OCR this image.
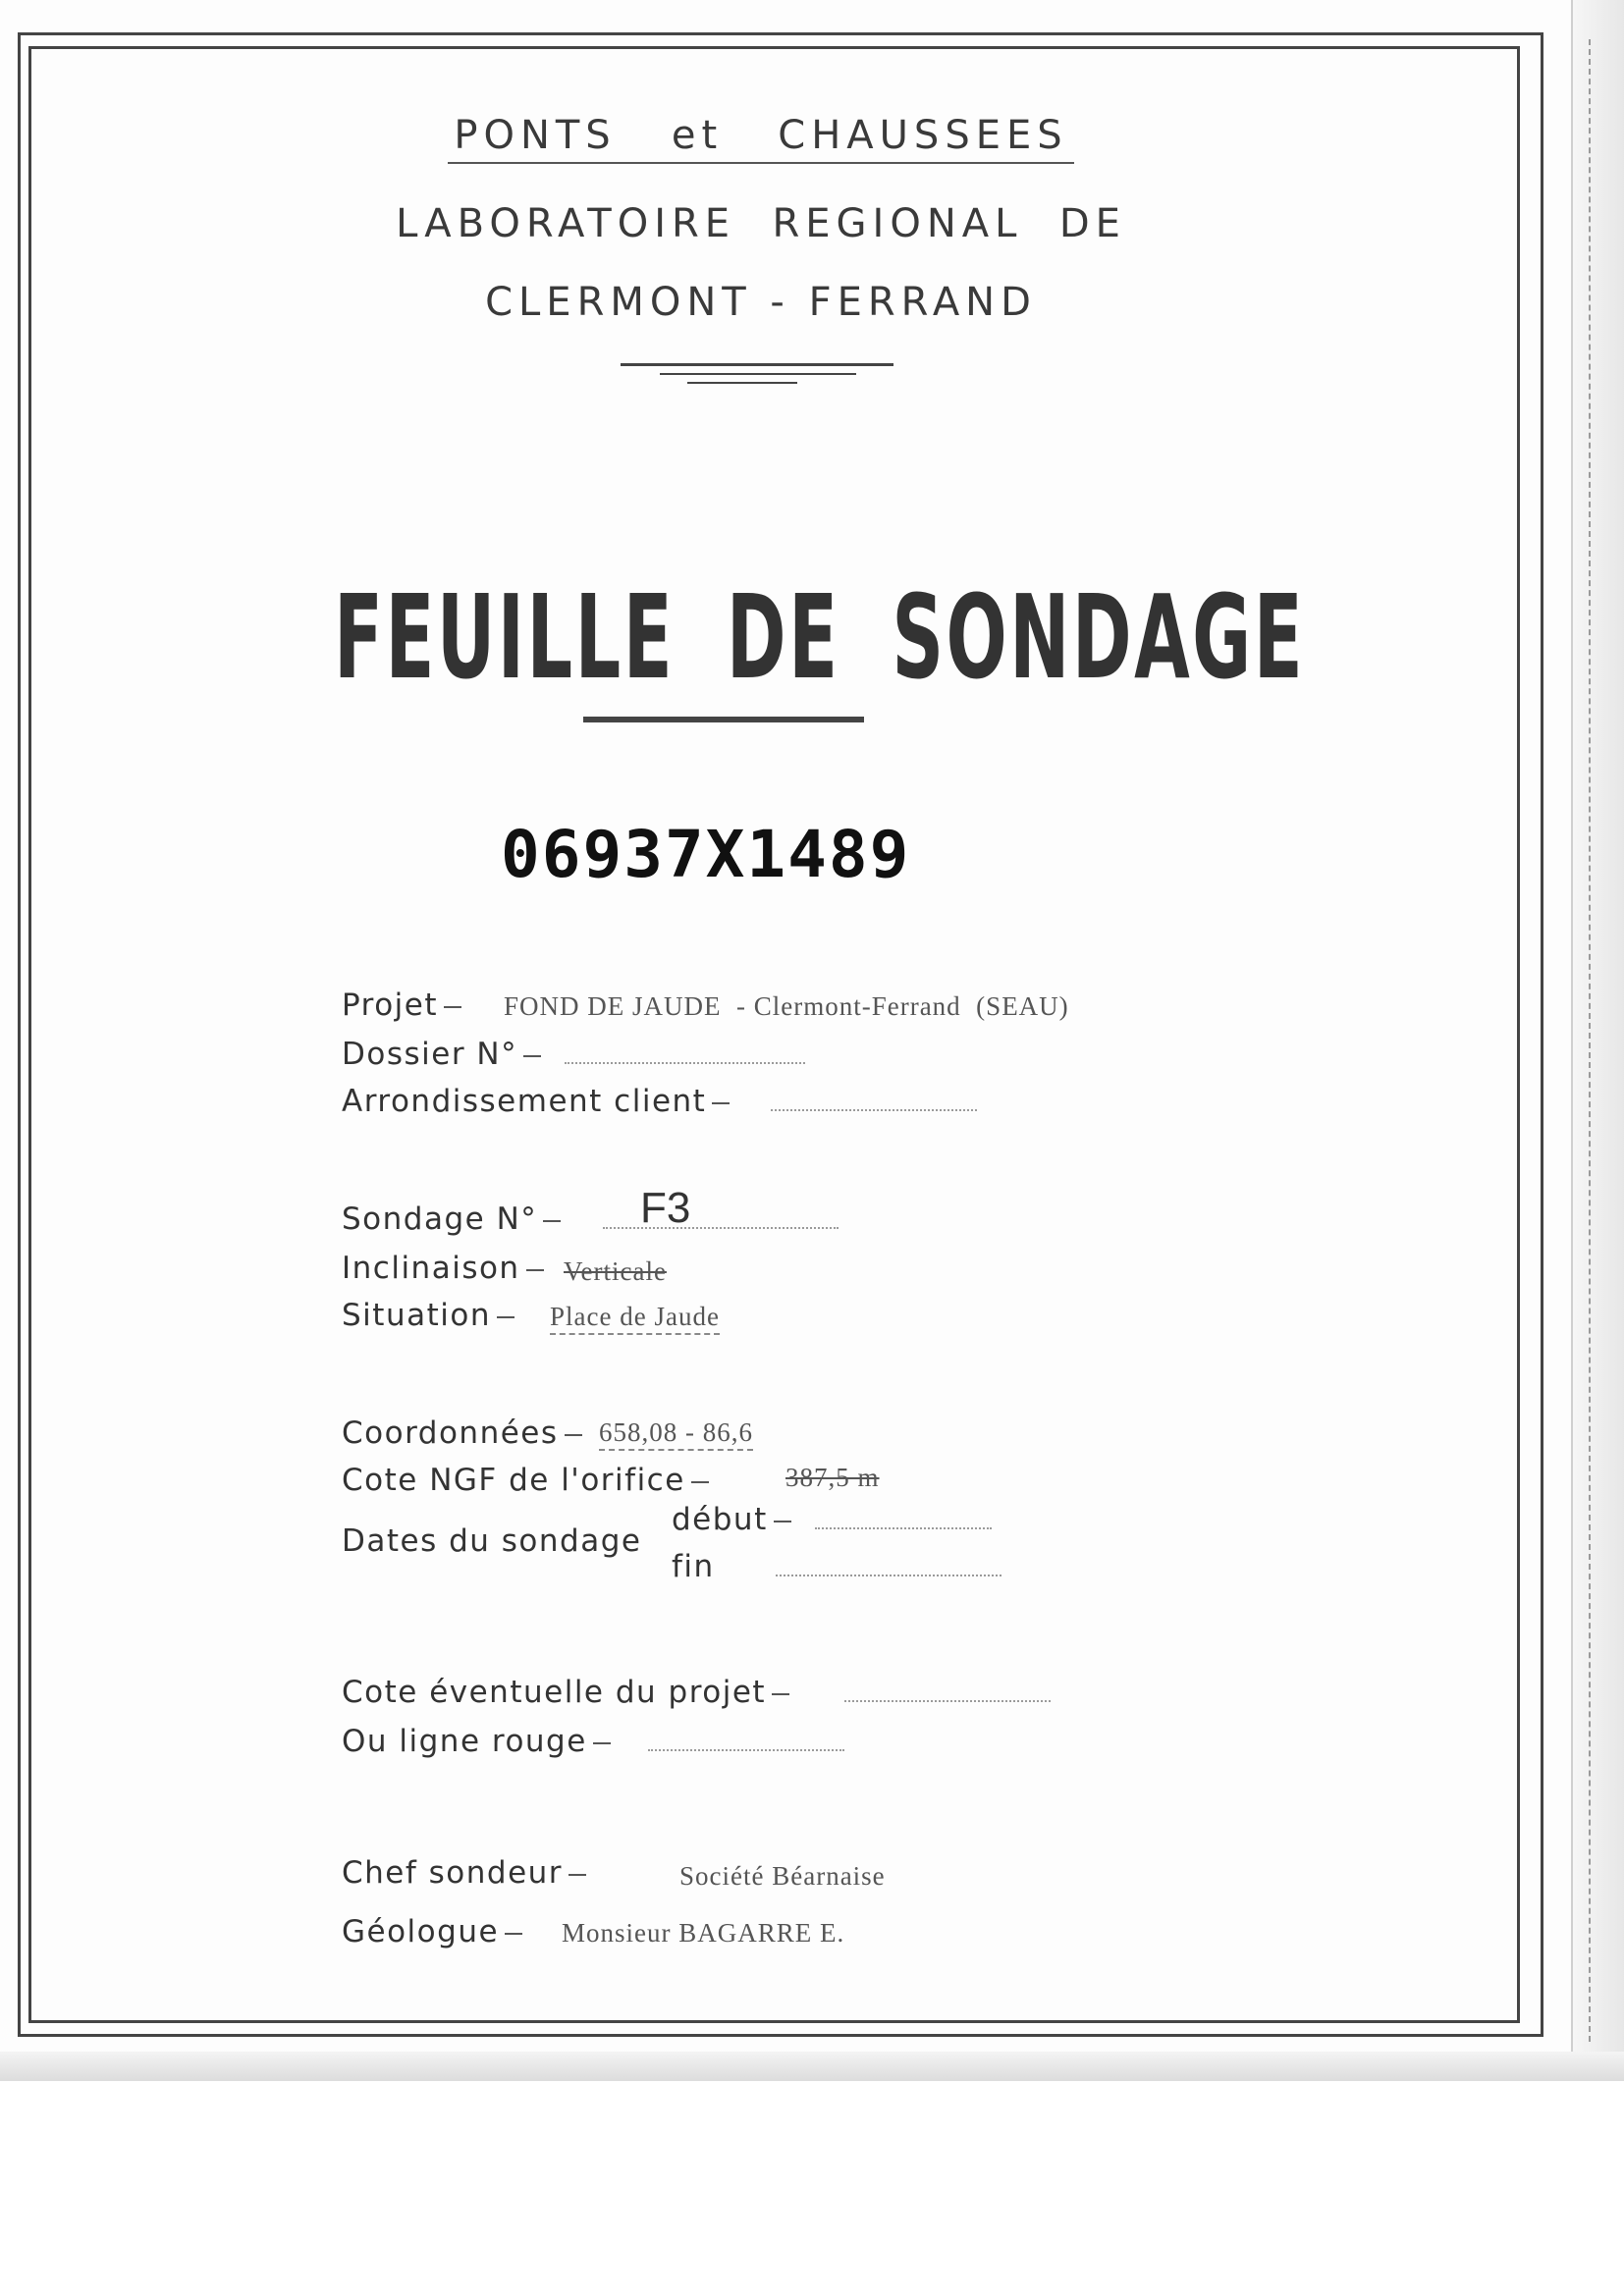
PONTS   et   CHAUSSEES
LABORATOIRE  REGIONAL  DE
CLERMONT - FERRAND
FEUILLE DE SONDAGE
06937X1489
Projet	FOND DE JAUDE  - Clermont-Ferrand  (SEAU)
Dossier N°
Arrondissement client
Sondage N°	F3
Inclinaison	Verticale
Situation	Place de Jaude
Coordonnées	658,08 - 86,6
Cote NGF de l'orifice	387,5 m
Dates du sondage
début
fin
Cote éventuelle du projet
Ou ligne rouge
Chef sondeur	Société Béarnaise
Géologue	Monsieur BAGARRE E.
